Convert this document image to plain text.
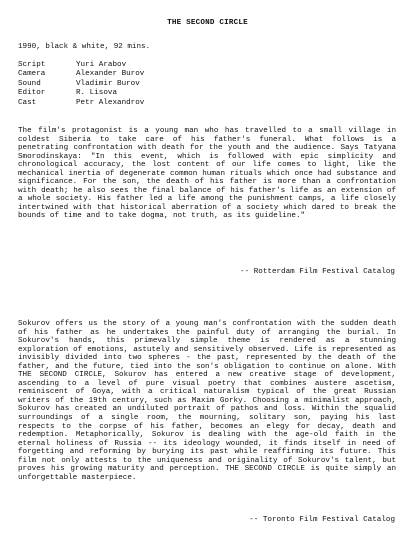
THE SECOND CIRCLE
1990, black & white, 92 mins.
Script	Yuri Arabov
Camera	Alexander Burov
Sound	Vladimir Burov
Editor	R. Lisova
Cast	Petr Alexandrov

The film's protagonist is a young man who has travelled to a small village in coldest Siberia to take care of his father's funeral. What follows is a penetrating confrontation with death for the youth and the audience. Says Tatyana Smorodinskaya: "In this event, which is followed with epic simplicity and chronological accuracy, the lost content of our life comes to light, like the mechanical inertia of degenerate common human rituals which once had substance and significance. For the son, the death of his father is more than a confrontation with death; he also sees the final balance of his father's life as an extension of a whole society. His father led a life among the punishment camps, a life closely intertwined with that historical aberration of a society which dared to break the bounds of time and to take dogma, not truth, as its guideline."

-- Rotterdam Film Festival Catalog

Sokurov offers us the story of a young man's confrontation with the sudden death of his father as he undertakes the painful duty of arranging the burial. In Sokurov's hands, this primevally simple theme is rendered as a stunning exploration of emotions, astutely and sensitively observed. Life is represented as invisibly divided into two spheres - the past, represented by the death of the father, and the future, tied into the son's obligation to continue on alone. With THE SECOND CIRCLE, Sokurov has entered a new creative stage of development, ascending to a level of pure visual poetry that combines austere ascetism, reminiscent of Goya, with a critical naturalism typical of the great Russian writers of the 19th century, such as Maxim Gorky. Choosing a minimalist approach, Sokurov has created an undiluted portrait of pathos and loss. Within the squalid surroundings of a single room, the mourning, solitary son, paying his last respects to the corpse of his father, becomes an elegy for decay, death and redemption. Metaphorically, Sokurov is dealing with the age-old faith in the eternal holiness of Russia -- its ideology wounded, it finds itself in need of forgetting and reforming by burying its past while reaffirming its future. This film not only attests to the uniqueness and originality of Sokurov's talent, but proves his growing maturity and perception. THE SECOND CIRCLE is quite simply an unforgettable masterpiece.

-- Toronto Film Festival Catalog
